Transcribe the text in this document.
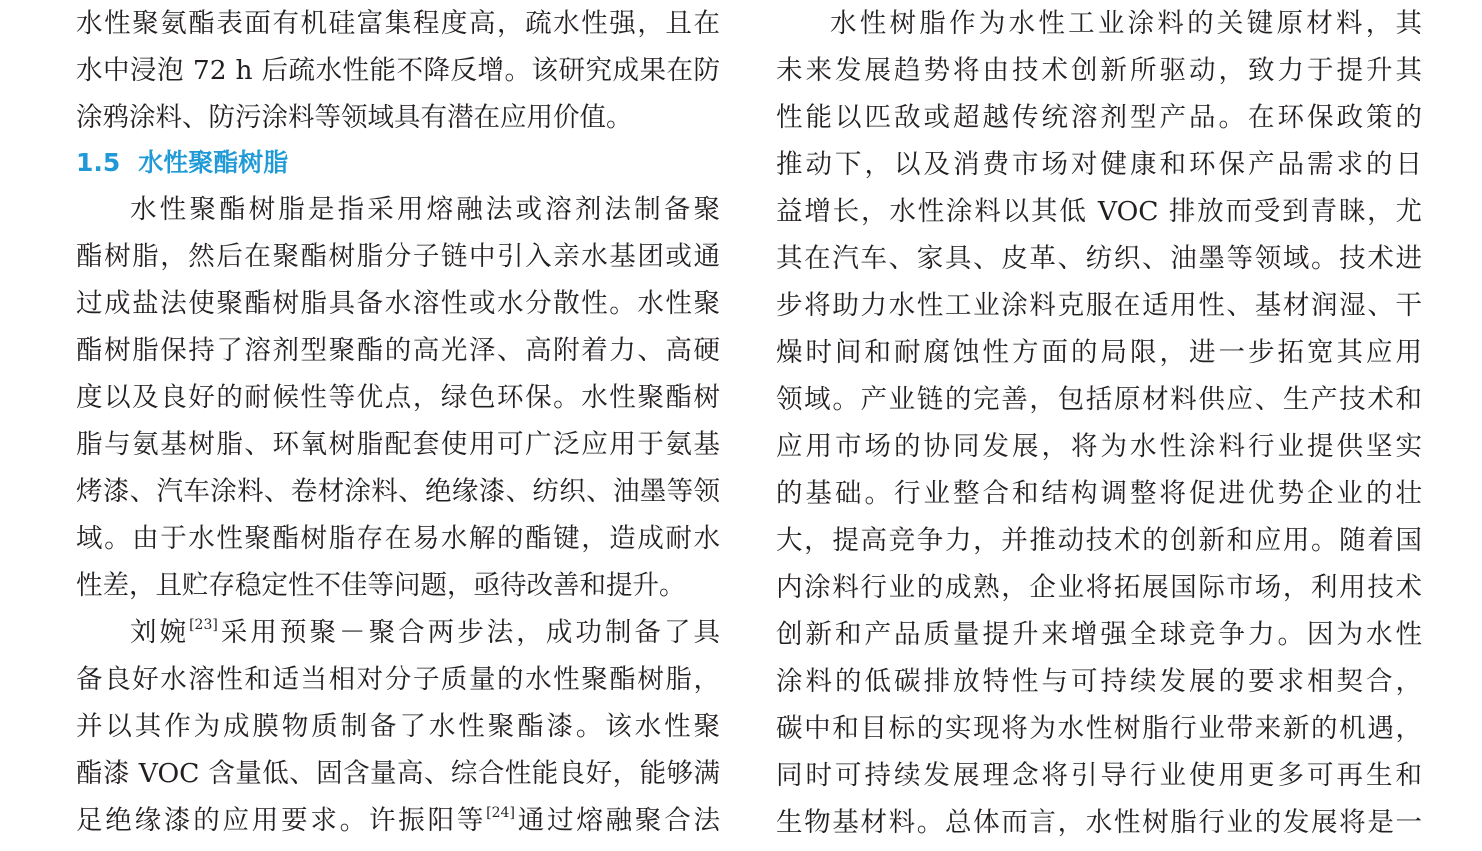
水性聚氨酯表面有机硅富集程度高，疏水性强，且在
水中浸泡 72 h 后疏水性能不降反增。该研究成果在防
涂鸦涂料、防污涂料等领域具有潜在应用价值。
1.5 水性聚酯树脂
水性聚酯树脂是指采用熔融法或溶剂法制备聚
酯树脂，然后在聚酯树脂分子链中引入亲水基团或通
过成盐法使聚酯树脂具备水溶性或水分散性。水性聚
酯树脂保持了溶剂型聚酯的高光泽、高附着力、高硬
度以及良好的耐候性等优点，绿色环保。水性聚酯树
脂与氨基树脂、环氧树脂配套使用可广泛应用于氨基
烤漆、汽车涂料、卷材涂料、绝缘漆、纺织、油墨等领
域。由于水性聚酯树脂存在易水解的酯键，造成耐水
性差，且贮存稳定性不佳等问题，亟待改善和提升。
刘婉[23]采用预聚－聚合两步法，成功制备了具
备良好水溶性和适当相对分子质量的水性聚酯树脂，
并以其作为成膜物质制备了水性聚酯漆。该水性聚
酯漆 VOC 含量低、固含量高、综合性能良好，能够满
足绝缘漆的应用要求。许振阳等[24]通过熔融聚合法
水性树脂作为水性工业涂料的关键原材料，其
未来发展趋势将由技术创新所驱动，致力于提升其
性能以匹敌或超越传统溶剂型产品。在环保政策的
推动下，以及消费市场对健康和环保产品需求的日
益增长，水性涂料以其低 VOC 排放而受到青睐，尤
其在汽车、家具、皮革、纺织、油墨等领域。技术进
步将助力水性工业涂料克服在适用性、基材润湿、干
燥时间和耐腐蚀性方面的局限，进一步拓宽其应用
领域。产业链的完善，包括原材料供应、生产技术和
应用市场的协同发展，将为水性涂料行业提供坚实
的基础。行业整合和结构调整将促进优势企业的壮
大，提高竞争力，并推动技术的创新和应用。随着国
内涂料行业的成熟，企业将拓展国际市场，利用技术
创新和产品质量提升来增强全球竞争力。因为水性
涂料的低碳排放特性与可持续发展的要求相契合，
碳中和目标的实现将为水性树脂行业带来新的机遇，
同时可持续发展理念将引导行业使用更多可再生和
生物基材料。总体而言，水性树脂行业的发展将是一
